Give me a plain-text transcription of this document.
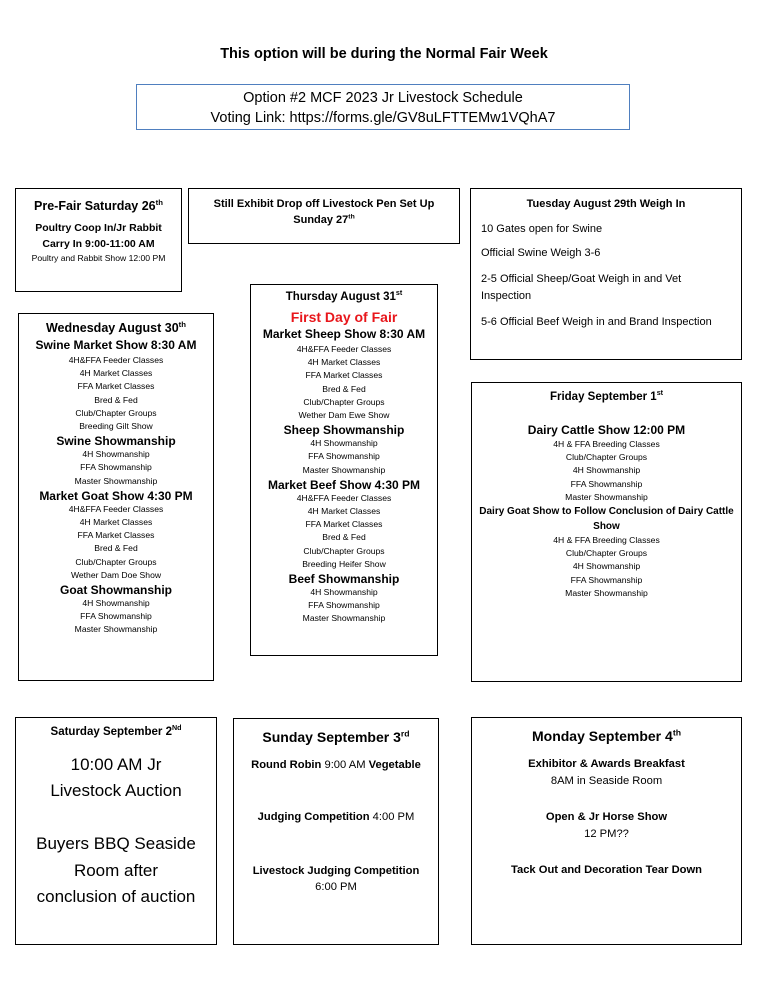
This option will be during the Normal Fair Week
Option #2 MCF 2023 Jr Livestock Schedule
Voting Link: https://forms.gle/GV8uLFTTEMw1VQhA7
Pre-Fair Saturday 26th
Poultry Coop In/Jr Rabbit
Carry In 9:00-11:00 AM
Poultry and Rabbit Show 12:00 PM
Still Exhibit Drop off Livestock Pen Set Up
Sunday 27th
Tuesday August 29th Weigh In
10 Gates open for Swine
Official Swine Weigh 3-6
2-5 Official Sheep/Goat Weigh in and Vet Inspection
5-6 Official Beef Weigh in and Brand Inspection
Thursday August 31st
First Day of Fair
Market Sheep Show 8:30 AM
4H&FFA Feeder Classes
4H Market Classes
FFA Market Classes
Bred & Fed
Club/Chapter Groups
Wether Dam Ewe Show
Sheep Showmanship
4H Showmanship
FFA Showmanship
Master Showmanship
Market Beef Show 4:30 PM
4H&FFA Feeder Classes
4H Market Classes
FFA Market Classes
Bred & Fed
Club/Chapter Groups
Breeding Heifer Show
Beef Showmanship
4H Showmanship
FFA Showmanship
Master Showmanship
Wednesday August 30th
Swine Market Show 8:30 AM
4H&FFA Feeder Classes
4H Market Classes
FFA Market Classes
Bred & Fed
Club/Chapter Groups
Breeding Gilt Show
Swine Showmanship
4H Showmanship
FFA Showmanship
Master Showmanship
Market Goat Show 4:30 PM
4H&FFA Feeder Classes
4H Market Classes
FFA Market Classes
Bred & Fed
Club/Chapter Groups
Wether Dam Doe Show
Goat Showmanship
4H Showmanship
FFA Showmanship
Master Showmanship
Friday September 1st
Dairy Cattle Show 12:00 PM
4H & FFA Breeding Classes
Club/Chapter Groups
4H Showmanship
FFA Showmanship
Master Showmanship
Dairy Goat Show to Follow Conclusion of Dairy Cattle
Show
4H & FFA Breeding Classes
Club/Chapter Groups
4H Showmanship
FFA Showmanship
Master Showmanship
Saturday September 2Nd
10:00 AM Jr
Livestock Auction
Buyers BBQ Seaside
Room after
conclusion of auction
Sunday September 3rd
Round Robin 9:00 AM Vegetable
Judging Competition 4:00 PM
Livestock Judging Competition
6:00 PM
Monday September 4th
Exhibitor & Awards Breakfast
8AM in Seaside Room
Open & Jr Horse Show
12 PM??
Tack Out and Decoration Tear Down
